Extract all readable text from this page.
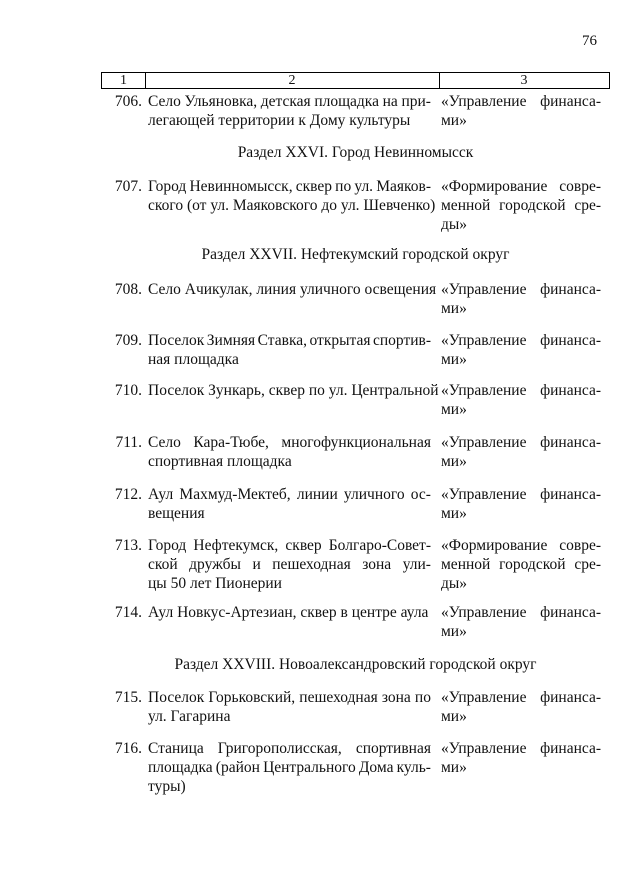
76
1	2	3
706. Село Ульяновка, детская площадка на при-
легающей территории к Дому культуры
«Управление финанса-
ми»
Раздел XXVI. Город Невинномысск
707. Город Невинномысск, сквер по ул. Маяков-
ского (от ул. Маяковского до ул. Шевченко)
«Формирование совре-
менной городской сре-
ды»
Раздел XXVII. Нефтекумский городской округ
708. Село Ачикулак, линия уличного освещения «Управление финанса-
ми»
709. Поселок Зимняя Ставка, открытая спортив-
ная площадка
«Управление финанса-
ми»
710. Поселок Зункарь, сквер по ул. Центральной «Управление финанса-
ми»
711. Село Кара-Тюбе, многофункциональная
спортивная площадка
«Управление финанса-
ми»
712. Аул Махмуд-Мектеб, линии уличного ос-
вещения
«Управление финанса-
ми»
713. Город Нефтекумск, сквер Болгаро-Совет-
ской дружбы и пешеходная зона ули-
цы 50 лет Пионерии
«Формирование совре-
менной городской сре-
ды»
714. Аул Новкус-Артезиан, сквер в центре аула «Управление финанса-
ми»
Раздел XXVIII. Новоалександровский городской округ
715. Поселок Горьковский, пешеходная зона по
ул. Гагарина
«Управление финанса-
ми»
716. Станица Григорополисская, спортивная
площадка (район Центрального Дома куль-
туры)
«Управление финанса-
ми»
